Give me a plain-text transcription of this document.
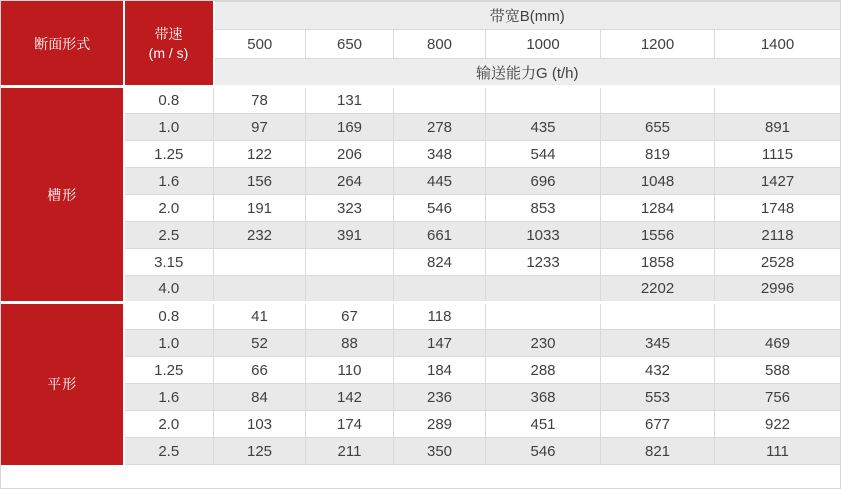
断面形式	带速
(m / s)	带宽B(mm)					
		500	650	800	1000	1200	1400
		输送能力G (t/h)					
槽形	0.8	78	131				
	1.0	97	169	278	435	655	891
	1.25	122	206	348	544	819	1115
	1.6	156	264	445	696	1048	1427
	2.0	191	323	546	853	1284	1748
	2.5	232	391	661	1033	1556	2118
	3.15			824	1233	1858	2528
	4.0					2202	2996
平形	0.8	41	67	118			
	1.0	52	88	147	230	345	469
	1.25	66	110	184	288	432	588
	1.6	84	142	236	368	553	756
	2.0	103	174	289	451	677	922
	2.5	125	211	350	546	821	111
